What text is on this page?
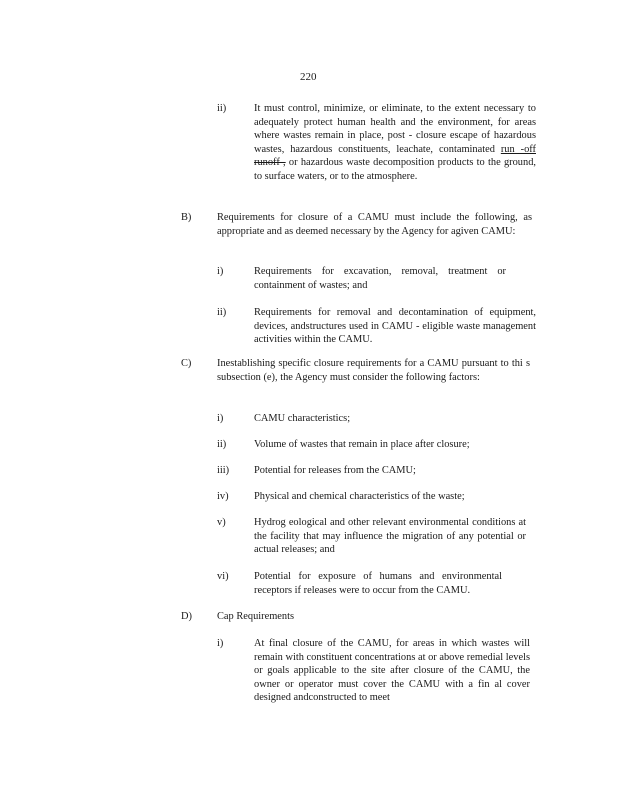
220
ii)	It must control, minimize, or eliminate, to the extent necessary to adequately protect human health and the environment, for areas where wastes remain in place, post - closure escape of hazardous wastes, hazardous constituents, leachate, contaminated run -off runoff , or hazardous waste decomposition products to the ground, to surface waters, or to the atmosphere.
B) Requirements for closure of a CAMU must include the following, as appropriate and as deemed necessary by the Agency for agiven CAMU:
i)	Requirements for excavation, removal, treatment or containment of wastes; and
ii)	Requirements for removal and decontamination of equipment, devices, andstructures used in CAMU - eligible waste management activities within the CAMU.
C) Inestablishing specific closure requirements for a CAMU pursuant to thi s subsection (e), the Agency must consider the following factors:
i)	CAMU characteristics;
ii)	Volume of wastes that remain in place after closure;
iii) Potential for releases from the CAMU;
iv) Physical and chemical characteristics of the waste;
v)	Hydrog eological and other relevant environmental conditions at the facility that may influence the migration of any potential or actual releases; and
vi) Potential for exposure of humans and environmental receptors if releases were to occur from the CAMU.
D) Cap Requirements
i)	At final closure of the CAMU, for areas in which wastes will remain with constituent concentrations at or above remedial levels or goals applicable to the site after closure of the CAMU, the owner or operator must cover the CAMU with a fin al cover designed andconstructed to meet
